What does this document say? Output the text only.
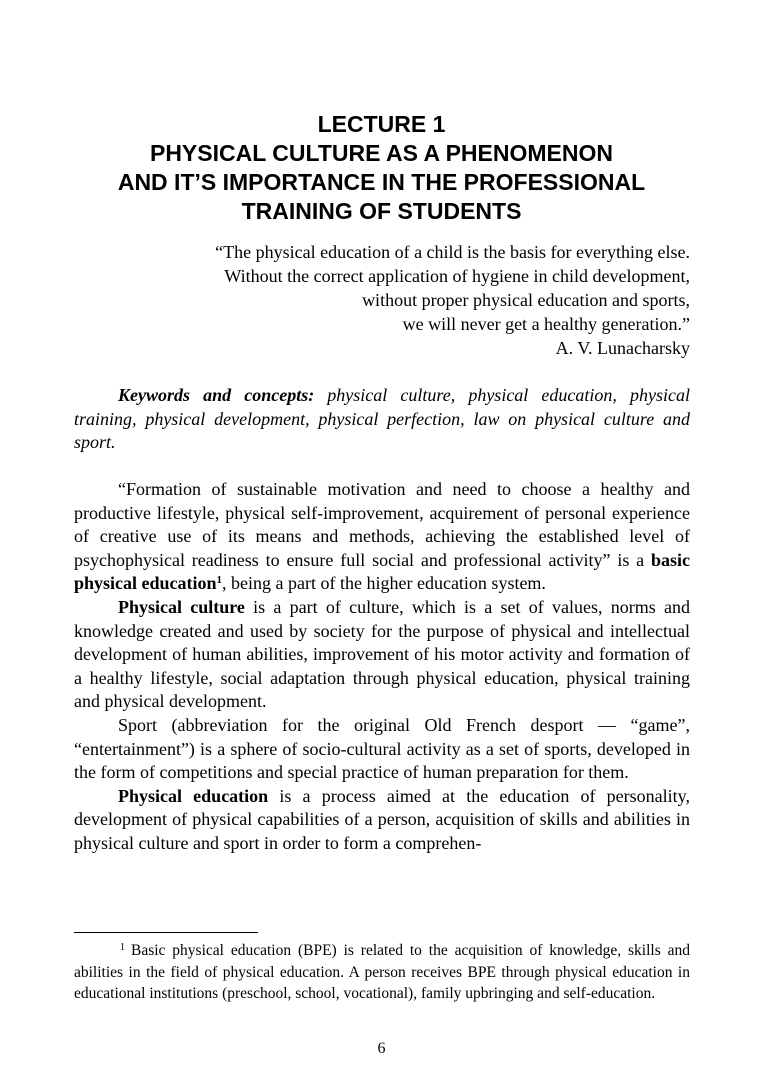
LECTURE 1
PHYSICAL CULTURE AS A PHENOMENON
AND IT’S IMPORTANCE IN THE PROFESSIONAL
TRAINING OF STUDENTS
“The physical education of a child is the basis for everything else.
Without the correct application of hygiene in child development,
without proper physical education and sports,
we will never get a healthy generation.”
A. V. Lunacharsky

Keywords and concepts: physical culture, physical education, physical training, physical development, physical perfection, law on physical culture and sport.

“Formation of sustainable motivation and need to choose a healthy and productive lifestyle, physical self-improvement, acquirement of personal experience of creative use of its means and methods, achieving the established level of psychophysical readiness to ensure full social and professional activity” is a basic physical education$^1$, being a part of the higher education system.

Physical culture is a part of culture, which is a set of values, norms and knowledge created and used by society for the purpose of physical and intellectual development of human abilities, improvement of his motor activity and formation of a healthy lifestyle, social adaptation through physical education, physical training and physical development.

Sport (abbreviation for the original Old French desport — “game”, “entertainment”) is a sphere of socio-cultural activity as a set of sports, developed in the form of competitions and special practice of human preparation for them.

Physical education is a process aimed at the education of personality, development of physical capabilities of a person, acquisition of skills and abilities in physical culture and sport in order to form a comprehen-

$^1$ Basic physical education (BPE) is related to the acquisition of knowledge, skills and abilities in the field of physical education. A person receives BPE through physical education in educational institutions (preschool, school, vocational), family upbringing and self-education.

6
